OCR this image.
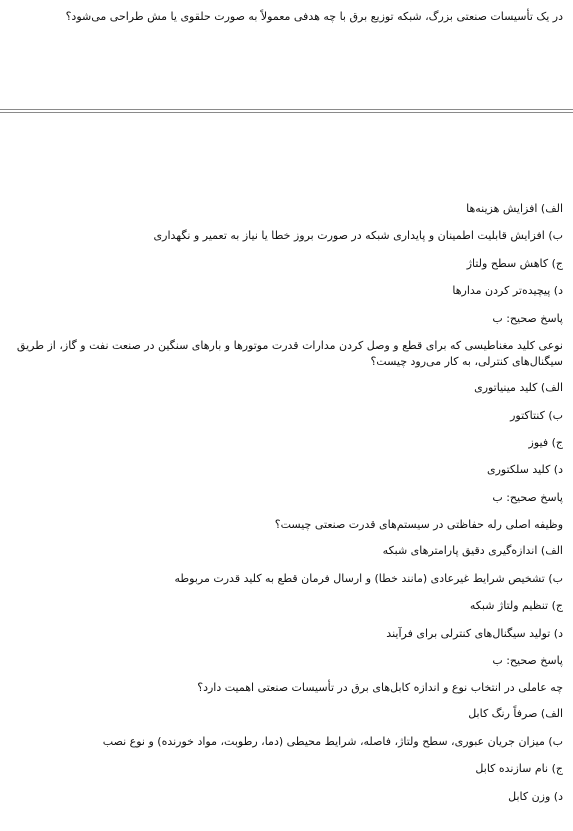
در یک تأسیسات صنعتی بزرگ، شبکه توزیع برق با چه هدفی معمولاً به صورت حلقوی یا مش طراحی می‌شود؟
الف) افزایش هزینه‌ها
ب) افزایش قابلیت اطمینان و پایداری شبکه در صورت بروز خطا یا نیاز به تعمیر و نگهداری
ج) کاهش سطح ولتاژ
د) پیچیده‌تر کردن مدارها
پاسخ صحیح: ب
نوعی کلید مغناطیسی که برای قطع و وصل کردن مدارات قدرت موتورها و بارهای سنگین در صنعت نفت و گاز، از طریق سیگنال‌های کنترلی، به کار می‌رود چیست؟
الف) کلید مینیاتوری
ب) کنتاکتور
ج) فیوز
د) کلید سلکتوری
پاسخ صحیح: ب
وظیفه اصلی رله حفاظتی در سیستم‌های قدرت صنعتی چیست؟
الف) اندازه‌گیری دقیق پارامترهای شبکه
ب) تشخیص شرایط غیرعادی (مانند خطا) و ارسال فرمان قطع به کلید قدرت مربوطه
ج) تنظیم ولتاژ شبکه
د) تولید سیگنال‌های کنترلی برای فرآیند
پاسخ صحیح: ب
چه عاملی در انتخاب نوع و اندازه کابل‌های برق در تأسیسات صنعتی اهمیت دارد؟
الف) صرفاً رنگ کابل
ب) میزان جریان عبوری، سطح ولتاژ، فاصله، شرایط محیطی (دما، رطوبت، مواد خورنده) و نوع نصب
ج) نام سازنده کابل
د) وزن کابل
